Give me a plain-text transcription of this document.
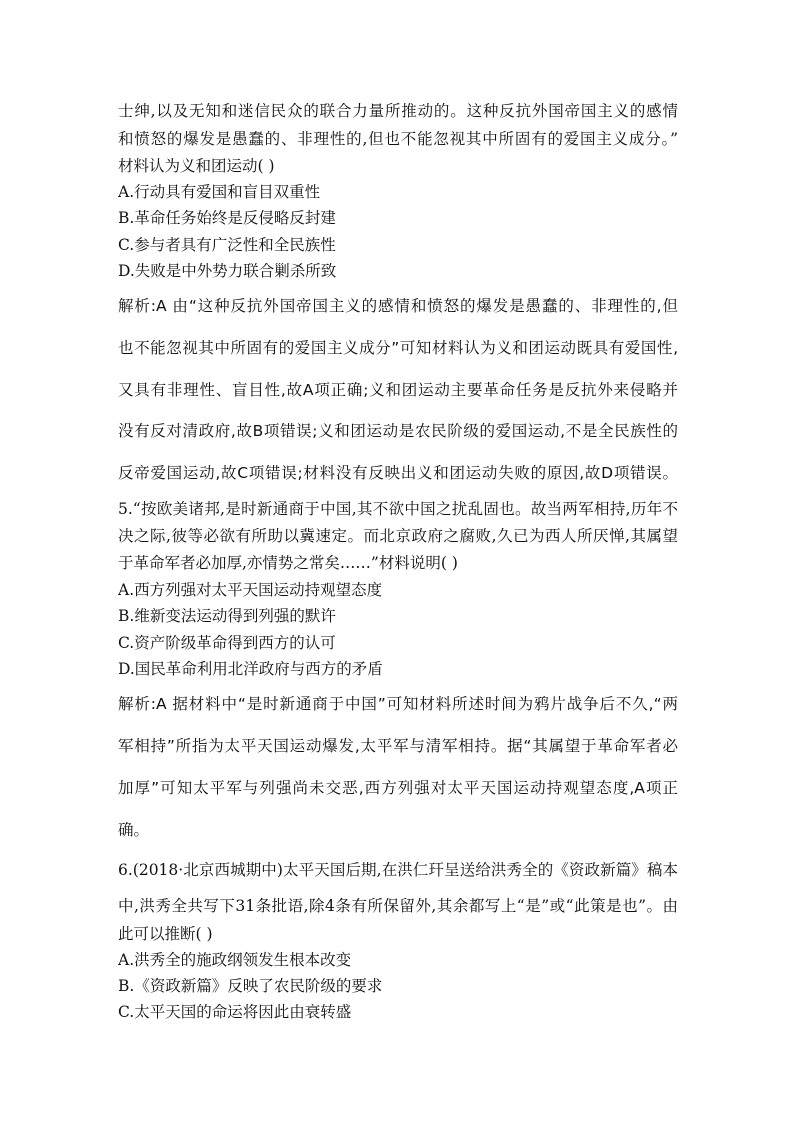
士绅,以及无知和迷信民众的联合力量所推动的。这种反抗外国帝国主义的感情
和愤怒的爆发是愚蠢的、非理性的,但也不能忽视其中所固有的爱国主义成分。”
材料认为义和团运动( )
A.行动具有爱国和盲目双重性
B.革命任务始终是反侵略反封建
C.参与者具有广泛性和全民族性
D.失败是中外势力联合剿杀所致
解析:A 由“这种反抗外国帝国主义的感情和愤怒的爆发是愚蠢的、非理性的,但
也不能忽视其中所固有的爱国主义成分”可知材料认为义和团运动既具有爱国性,
又具有非理性、盲目性,故A项正确;义和团运动主要革命任务是反抗外来侵略并
没有反对清政府,故B项错误;义和团运动是农民阶级的爱国运动,不是全民族性的
反帝爱国运动,故C项错误;材料没有反映出义和团运动失败的原因,故D项错误。
5.“按欧美诸邦,是时新通商于中国,其不欲中国之扰乱固也。故当两军相持,历年不
决之际,彼等必欲有所助以冀速定。而北京政府之腐败,久已为西人所厌惮,其属望
于革命军者必加厚,亦情势之常矣……”材料说明( )
A.西方列强对太平天国运动持观望态度
B.维新变法运动得到列强的默许
C.资产阶级革命得到西方的认可
D.国民革命利用北洋政府与西方的矛盾
解析:A 据材料中“是时新通商于中国”可知材料所述时间为鸦片战争后不久,“两
军相持”所指为太平天国运动爆发,太平军与清军相持。据“其属望于革命军者必
加厚”可知太平军与列强尚未交恶,西方列强对太平天国运动持观望态度,A项正
确。
6.(2018·北京西城期中)太平天国后期,在洪仁玕呈送给洪秀全的《资政新篇》稿本
中,洪秀全共写下31条批语,除4条有所保留外,其余都写上“是”或“此策是也”。由
此可以推断( )
A.洪秀全的施政纲领发生根本改变
B.《资政新篇》反映了农民阶级的要求
C.太平天国的命运将因此由衰转盛
